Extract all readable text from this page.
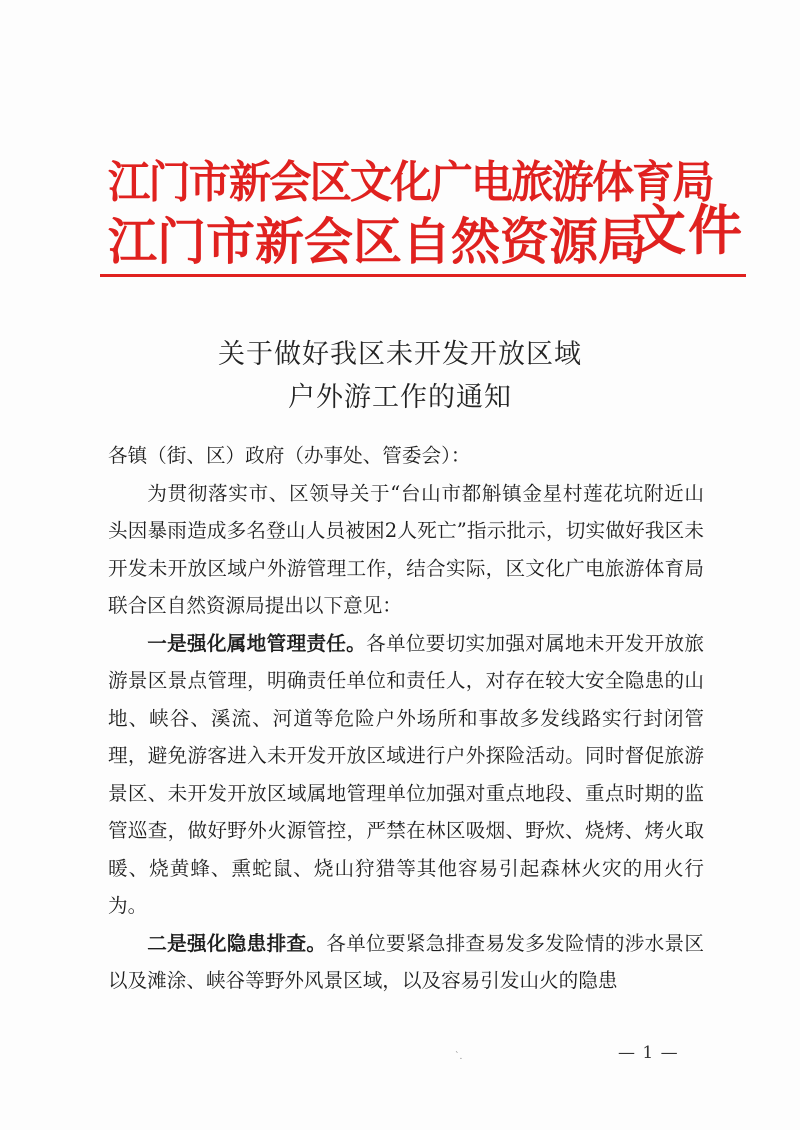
江门市新会区文化广电旅游体育局
江门市新会区自然资源局
文件
关于做好我区未开发开放区域
户外游工作的通知

各镇（街、区）政府（办事处、管委会）：

为贯彻落实市、区领导关于“台山市都斛镇金星村莲花坑附近山头因暴雨造成多名登山人员被困2人死亡”指示批示，切实做好我区未开发未开放区域户外游管理工作，结合实际，区文化广电旅游体育局联合区自然资源局提出以下意见：

一是强化属地管理责任。各单位要切实加强对属地未开发开放旅游景区景点管理，明确责任单位和责任人，对存在较大安全隐患的山地、峡谷、溪流、河道等危险户外场所和事故多发线路实行封闭管理，避免游客进入未开发开放区域进行户外探险活动。同时督促旅游景区、未开发开放区域属地管理单位加强对重点地段、重点时期的监管巡查，做好野外火源管控，严禁在林区吸烟、野炊、烧烤、烤火取暖、烧黄蜂、熏蛇鼠、烧山狩猎等其他容易引起森林火灾的用火行为。

二是强化隐患排查。各单位要紧急排查易发多发险情的涉水景区以及滩涂、峡谷等野外风景区域，以及容易引发山火的隐患

`.	— 1 —
